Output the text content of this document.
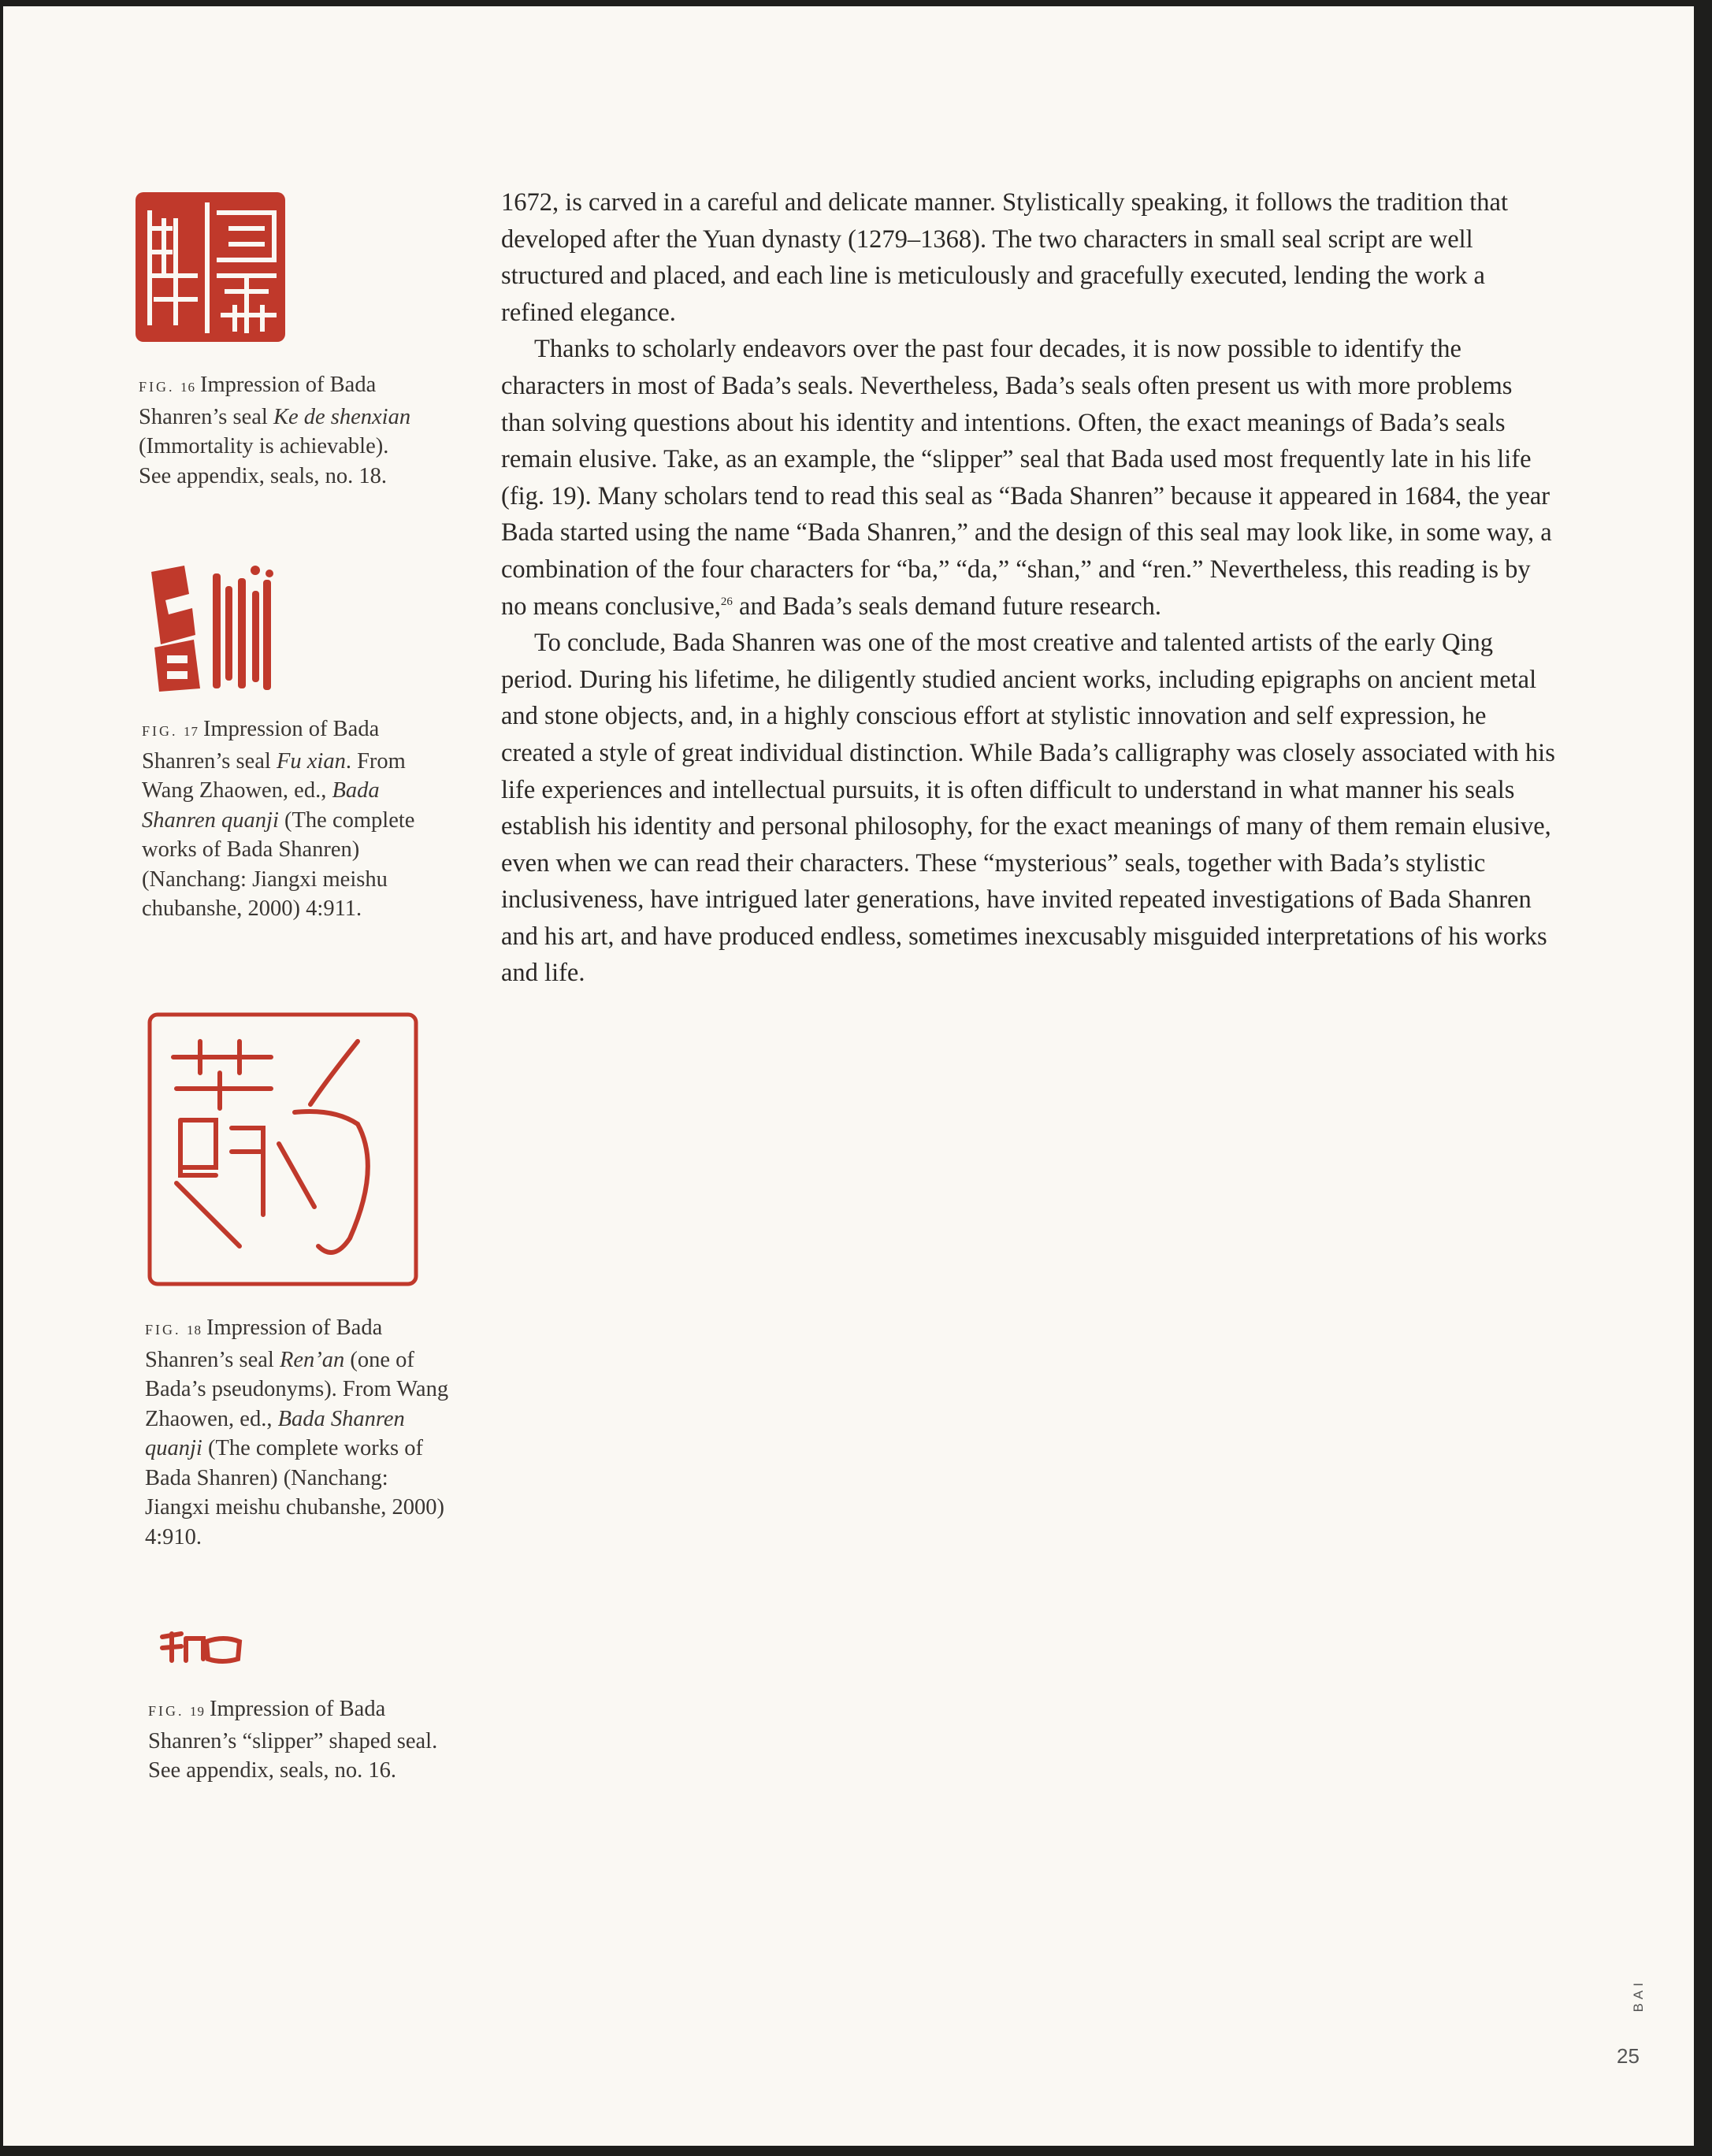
FIG. 16 Impression of Bada
Shanren’s seal Ke de shenxian
(Immortality is achievable).
See appendix, seals, no. 18.
FIG. 17 Impression of Bada
Shanren’s seal Fu xian. From
Wang Zhaowen, ed., Bada
Shanren quanji (The complete
works of Bada Shanren)
(Nanchang: Jiangxi meishu
chubanshe, 2000) 4:911.
FIG. 18 Impression of Bada
Shanren’s seal Ren’an (one of
Bada’s pseudonyms). From Wang
Zhaowen, ed., Bada Shanren
quanji (The complete works of
Bada Shanren) (Nanchang:
Jiangxi meishu chubanshe, 2000)
4:910.
FIG. 19 Impression of Bada
Shanren’s “slipper” shaped seal.
See appendix, seals, no. 16.

1672, is carved in a careful and delicate manner. Stylistically speaking, it follows the tradition that developed after the Yuan dynasty (1279–1368). The two characters in small seal script are well structured and placed, and each line is meticulously and gracefully executed, lending the work a refined elegance.

Thanks to scholarly endeavors over the past four decades, it is now possible to identify the characters in most of Bada’s seals. Nevertheless, Bada’s seals often present us with more problems than solving questions about his identity and intentions. Often, the exact meanings of Bada’s seals remain elusive. Take, as an example, the “slipper” seal that Bada used most frequently late in his life (fig. 19). Many scholars tend to read this seal as “Bada Shanren” because it appeared in 1684, the year Bada started using the name “Bada Shanren,” and the design of this seal may look like, in some way, a combination of the four characters for “ba,” “da,” “shan,” and “ren.” Nevertheless, this reading is by no means conclusive,$^{26}$ and Bada’s seals demand future research.

To conclude, Bada Shanren was one of the most creative and talented artists of the early Qing period. During his lifetime, he diligently studied ancient works, including epigraphs on ancient metal and stone objects, and, in a highly conscious effort at stylistic innovation and self expression, he created a style of great individual distinction. While Bada’s calligraphy was closely associated with his life experiences and intellectual pursuits, it is often difficult to understand in what manner his seals establish his identity and personal philosophy, for the exact meanings of many of them remain elusive, even when we can read their characters. These “mysterious” seals, together with Bada’s stylistic inclusiveness, have intrigued later generations, have invited repeated investigations of Bada Shanren and his art, and have produced endless, sometimes inexcusably misguided interpretations of his works and life.

BAI
25
